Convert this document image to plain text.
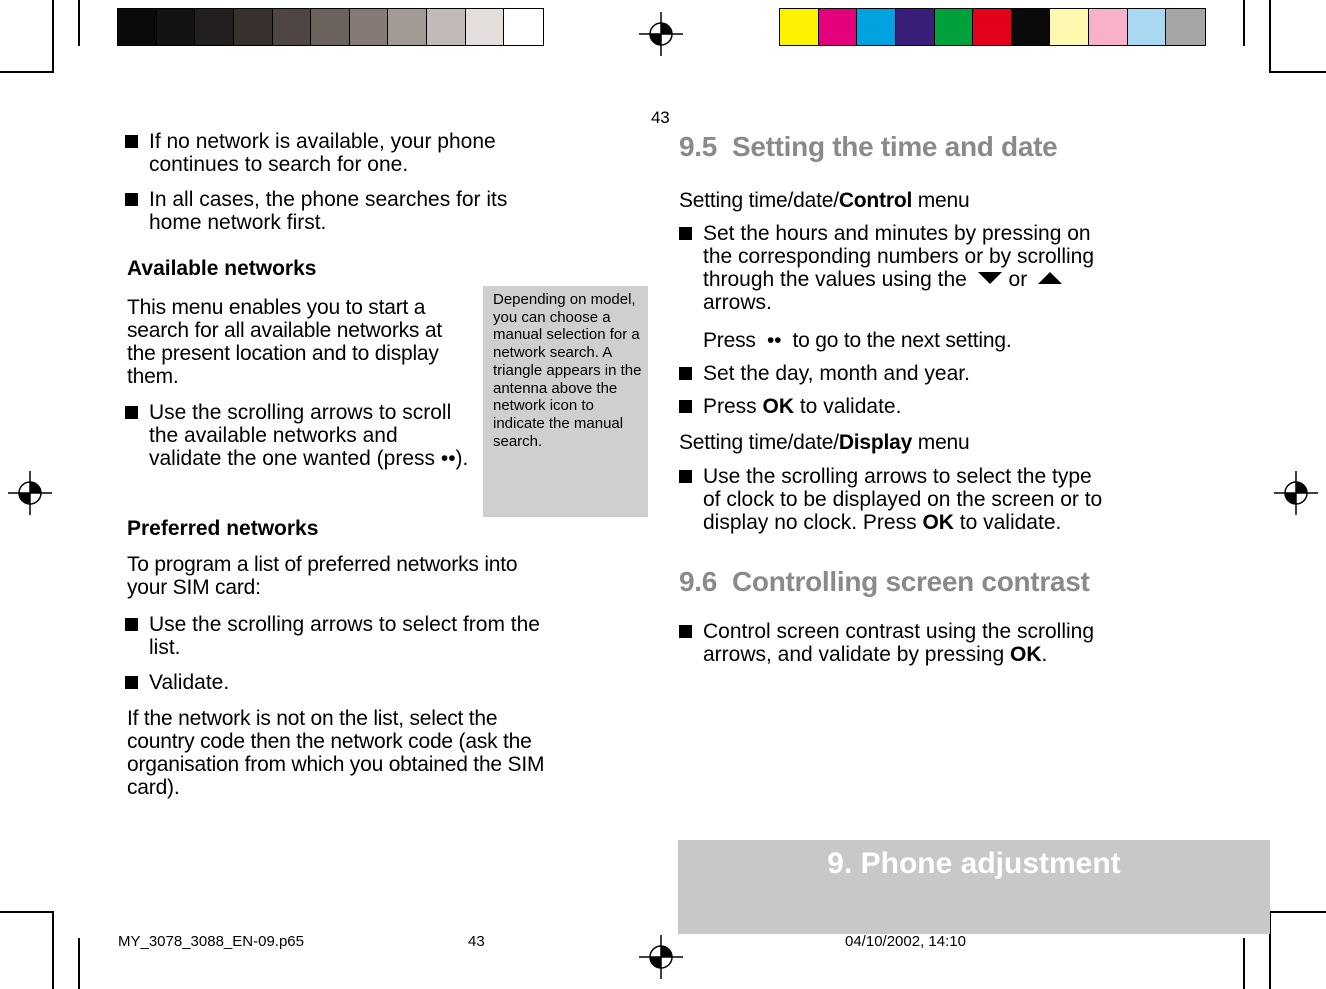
43
If no network is available, your phone continues to search for one.
In all cases, the phone searches for its home network first.
Available networks
This menu enables you to start a search for all available networks at the present location and to display them.
Use the scrolling arrows to scroll the available networks and validate the one wanted (press ••).
Depending on model, you can choose a manual selection for a network search. A triangle appears in the antenna above the network icon to indicate the manual search.
Preferred networks
To program a list of preferred networks into your SIM card:
Use the scrolling arrows to select from the list.
Validate.
If the network is not on the list, select the country code then the network code (ask the organisation from which you obtained the SIM card).
9.5  Setting the time and date
Setting time/date/Control menu
Set the hours and minutes by pressing on the corresponding numbers or by scrolling through the values using the or  arrows.
Press  ••  to go to the next setting.
Set the day, month and year.
Press OK to validate.
Setting time/date/Display menu
Use the scrolling arrows to select the type of clock to be displayed on the screen or to display no clock. Press OK to validate.
9.6  Controlling screen contrast
Control screen contrast using the scrolling arrows, and validate by pressing OK.
9. Phone adjustment
MY_3078_3088_EN-09.p65	43	04/10/2002, 14:10
